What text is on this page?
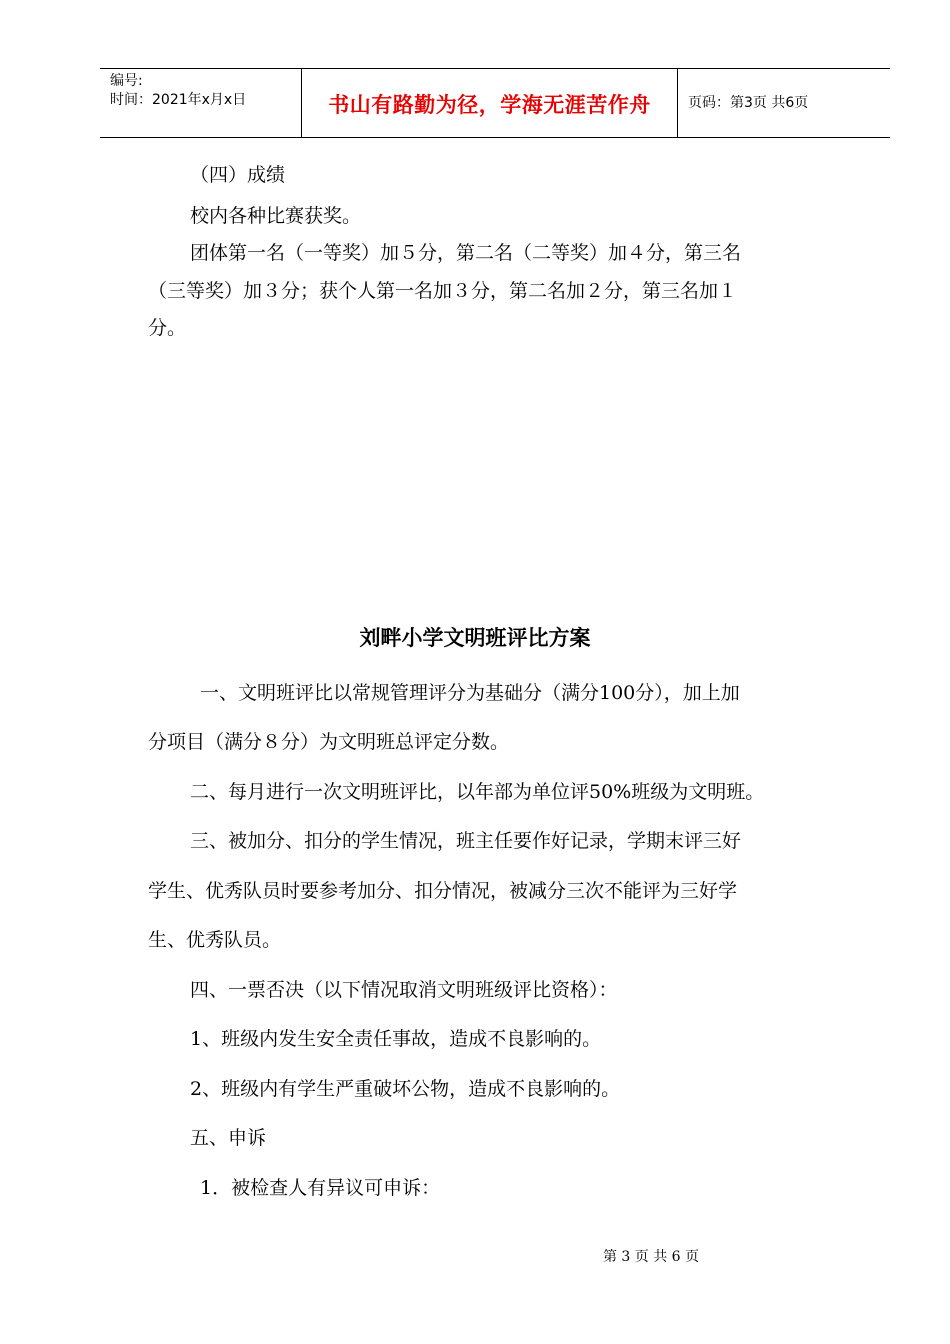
编号:
时间：2021年x月x日	书山有路勤为径，学海无涯苦作舟	页码：第3页 共6页
（四）成绩
校内各种比赛获奖。
团体第一名（一等奖）加５分，第二名（二等奖）加４分，第三名
（三等奖）加３分；获个人第一名加３分，第二名加２分，第三名加１
分。
刘畔小学文明班评比方案
一、文明班评比以常规管理评分为基础分（满分100分），加上加
分项目（满分８分）为文明班总评定分数。
二、每月进行一次文明班评比，以年部为单位评50%班级为文明班。
三、被加分、扣分的学生情况，班主任要作好记录，学期末评三好
学生、优秀队员时要参考加分、扣分情况，被减分三次不能评为三好学
生、优秀队员。
四、一票否决（以下情况取消文明班级评比资格）：
1、班级内发生安全责任事故，造成不良影响的。
2、班级内有学生严重破坏公物，造成不良影响的。
五、申诉
1．被检查人有异议可申诉：
第 3 页 共 6 页
